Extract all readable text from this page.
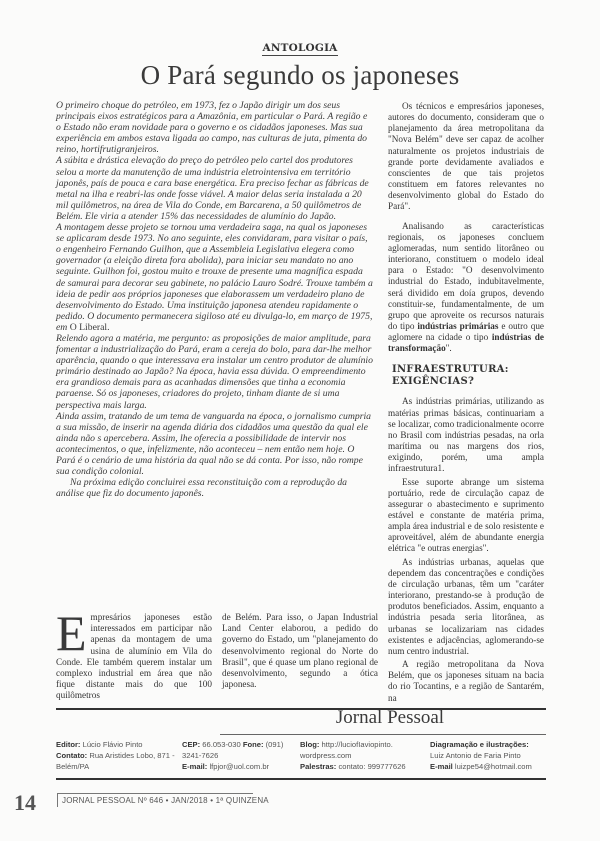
ANTOLOGIA
O Pará segundo os japoneses

O primeiro choque do petróleo, em 1973, fez o Japão dirigir um dos seus principais eixos estratégicos para a Amazônia, em particular o Pará. A região e o Estado não eram novidade para o governo e os cidadãos japoneses. Mas sua experiência em ambos estava ligada ao campo, nas culturas de juta, pimenta do reino, hortifrutigranjeiros.

A súbita e drástica elevação do preço do petróleo pelo cartel dos produtores selou a morte da manutenção de uma indústria eletrointensiva em território japonês, país de pouca e cara base energética. Era preciso fechar as fábricas de metal na ilha e reabri-las onde fosse viável. A maior delas seria instalada a 20 mil quilômetros, na área de Vila do Conde, em Barcarena, a 50 quilômetros de Belém. Ele viria a atender 15% das necessidades de alumínio do Japão.

A montagem desse projeto se tornou uma verdadeira saga, na qual os japoneses se aplicaram desde 1973. No ano seguinte, eles convidaram, para visitar o país, o engenheiro Fernando Guilhon, que a Assembleia Legislativa elegera como governador (a eleição direta fora abolida), para iniciar seu mandato no ano seguinte. Guilhon foi, gostou muito e trouxe de presente uma magnífica espada de samurai para decorar seu gabinete, no palácio Lauro Sodré. Trouxe também a ideia de pedir aos próprios japoneses que elaborassem um verdadeiro plano de desenvolvimento do Estado. Uma instituição japonesa atendeu rapidamente o pedido. O documento permanecera sigiloso até eu divulga-lo, em março de 1975, em O Liberal.

Relendo agora a matéria, me pergunto: as proposições de maior amplitude, para fomentar a industrialização do Pará, eram a cereja do bolo, para dar-lhe melhor aparência, quando o que interessava era instalar um centro produtor de alumínio primário destinado ao Japão? Na época, havia essa dúvida. O empreendimento era grandioso demais para as acanhadas dimensões que tinha a economia paraense. Só os japoneses, criadores do projeto, tinham diante de si uma perspectiva mais larga.

Ainda assim, tratando de um tema de vanguarda na época, o jornalismo cumpria a sua missão, de inserir na agenda diária dos cidadãos uma questão da qual ele ainda não s apercebera. Assim, lhe oferecia a possibilidade de intervir nos acontecimentos, o que, infelizmente, não aconteceu – nem então nem hoje. O Pará é o cenário de uma história da qual não se dá conta. Por isso, não rompe sua condição colonial.

Na próxima edição concluirei essa reconstituição com a reprodução da análise que fiz do documento japonês.

E mpresários japoneses estão interessados em participar não apenas da montagem de uma usina de alumínio em Vila do Conde. Ele também querem instalar um complexo industrial em área que não fique distante mais do que 100 quilômetros

de Belém. Para isso, o Japan Industrial Land Center elaborou, a pedido do governo do Estado, um "planejamento do desenvolvimento regional do Norte do Brasil", que é quase um plano regional de desenvolvimento, segundo a ótica japonesa.

Os técnicos e empresários japoneses, autores do documento, consideram que o planejamento da área metropolitana da "Nova Belém" deve ser capaz de acolher naturalmente os projetos industriais de grande porte devidamente avaliados e conscientes de que tais projetos constituem em fatores relevantes no desenvolvimento global do Estado do Pará".

Analisando as características regionais, os japoneses concluem aglomeradas, num sentido litorâneo ou interiorano, constituem o modelo ideal para o Estado: "O desenvolvimento industrial do Estado, indubitavelmente, será dividido em doía grupos, devendo constituir-se, fundamentalmente, de um grupo que aproveite os recursos naturais do tipo indústrias primárias e outro que aglomere na cidade o tipo indústrias de transformação".

INFRAESTRUTURA: EXIGÊNCIAS?

As indústrias primárias, utilizando as matérias primas básicas, continuariam a se localizar, como tradicionalmente ocorre no Brasil com indústrias pesadas, na orla marítima ou nas margens dos rios, exigindo, porém, uma ampla infraestrutura1.

Esse suporte abrange um sistema portuário, rede de circulação capaz de assegurar o abastecimento e suprimento estável e constante de matéria prima, ampla área industrial e de solo resistente e aproveitável, além de abundante energia elétrica "e outras energias".

As indústrias urbanas, aquelas que dependem das concentrações e condições de circulação urbanas, têm um "caráter interiorano, prestando-se à produção de produtos beneficiados. Assim, enquanto a indústria pesada seria litorânea, as urbanas se localizariam nas cidades existentes e adjacências, aglomerando-se num centro industrial.

A região metropolitana da Nova Belém, que os japoneses situam na bacia do rio Tocantins, e a região de Santarém, na

Jornal Pessoal
Editor: Lúcio Flávio Pinto
Contato: Rua Aristides Lobo, 871 - Belém/PA
CEP: 66.053-030 Fone: (091) 3241-7626
E-mail: lfpjor@uol.com.br
Blog: http://luciofIaviopinto. wordpress.com
Palestras: contato: 999777626
Diagramação e ilustrações:
Luiz Antonio de Faria Pinto
E-mail luizpe54@hotmail.com
14	JORNAL PESSOAL Nº 646 • JAN/2018 • 1ª QUINZENA
